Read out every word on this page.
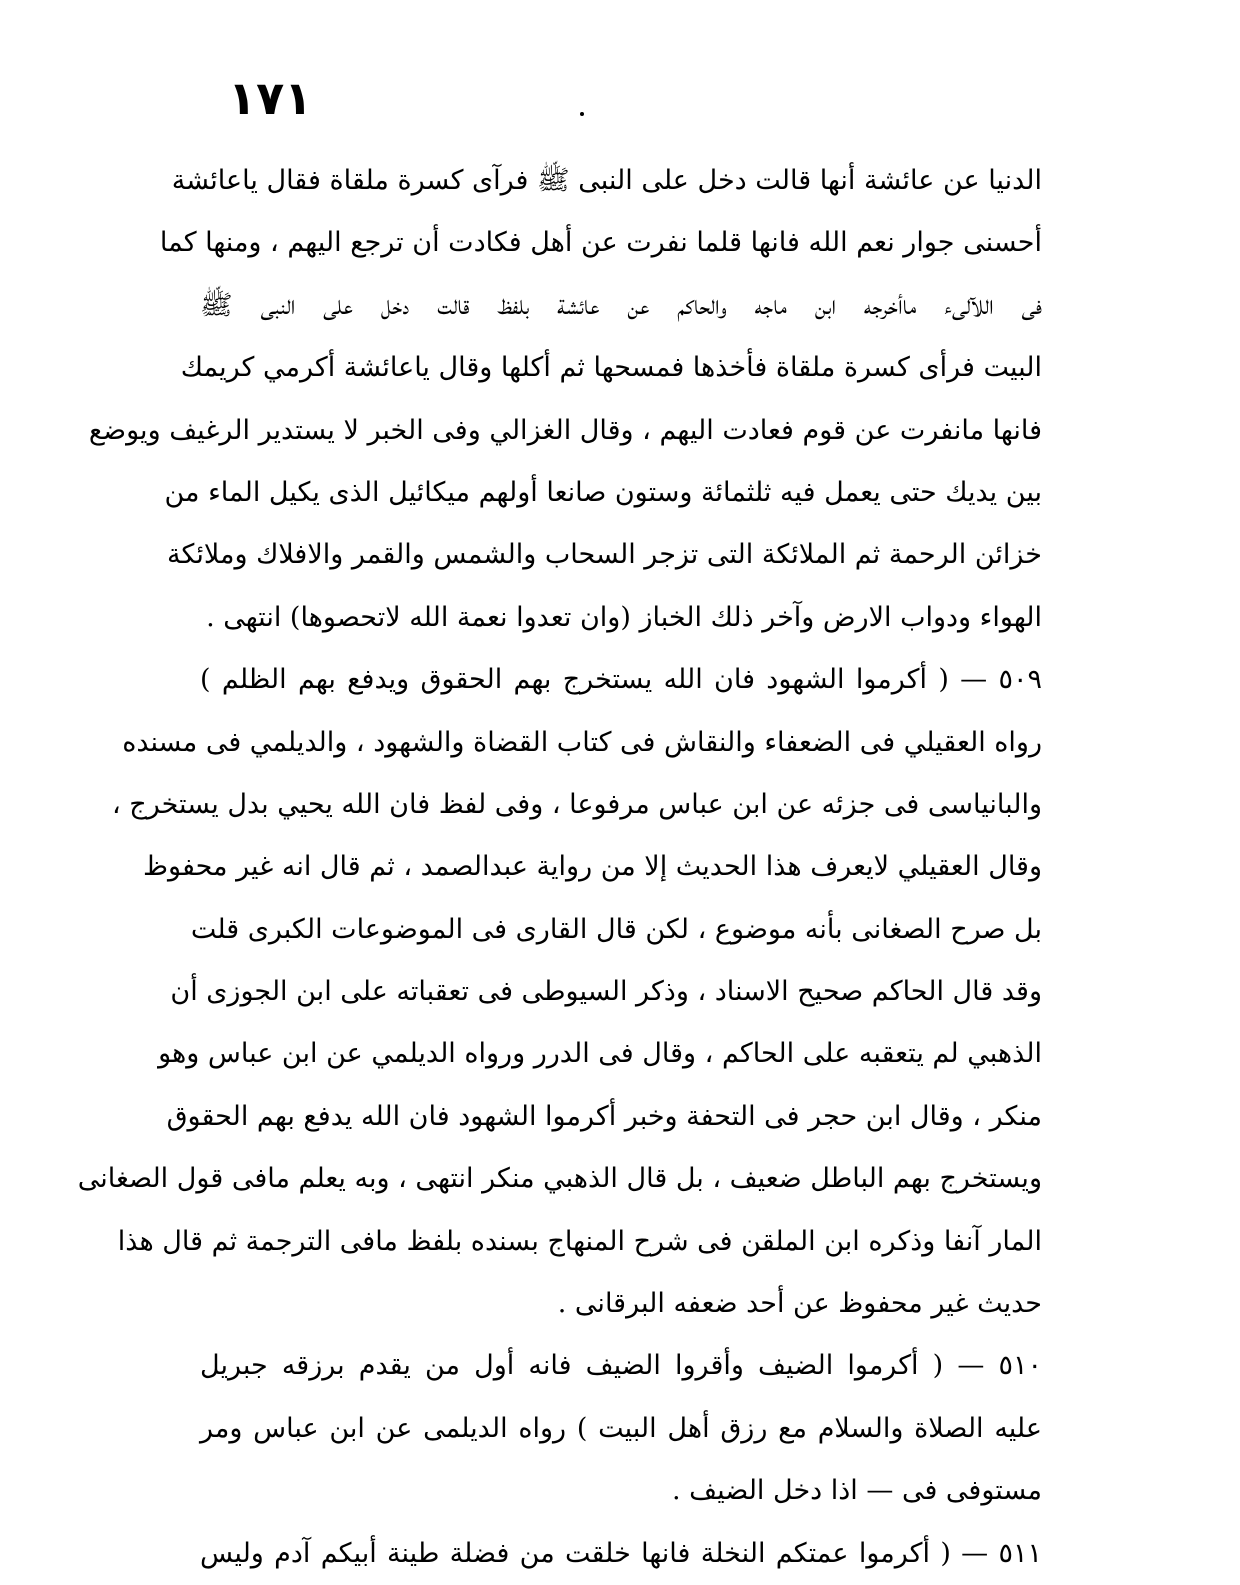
١٧١
الدنيا عن عائشة أنها قالت دخل على النبى ﷺ فرآى كسرة ملقاة فقال ياعائشة
أحسنى جوار نعم الله فانها قلما نفرت عن أهل فكادت أن ترجع اليهم ، ومنها كما
فى اللآلىء ماأخرجه ابن ماجه والحاكم عن عائشة بلفظ قالت دخل على النبى ﷺ
البيت فرأى كسرة ملقاة فأخذها فمسحها ثم أكلها وقال ياعائشة أكرمي كريمك
فانها مانفرت عن قوم فعادت اليهم ، وقال الغزالي وفى الخبر لا يستدير الرغيف ويوضع
بين يديك حتى يعمل فيه ثلثمائة وستون صانعا أولهم ميكائيل الذى يكيل الماء من
خزائن الرحمة ثم الملائكة التى تزجر السحاب والشمس والقمر والافلاك وملائكة
الهواء ودواب الارض وآخر ذلك الخباز (وان تعدوا نعمة الله لاتحصوها) انتهى .
٥٠٩ — ( أكرموا الشهود فان الله يستخرج بهم الحقوق ويدفع بهم الظلم )
رواه العقيلي فى الضعفاء والنقاش فى كتاب القضاة والشهود ، والديلمي فى مسنده
والبانياسى فى جزئه عن ابن عباس مرفوعا ، وفى لفظ فان الله يحيي بدل يستخرج ،
وقال العقيلي لايعرف هذا الحديث إلا من رواية عبدالصمد ، ثم قال انه غير محفوظ
بل صرح الصغانى بأنه موضوع ، لكن قال القارى فى الموضوعات الكبرى قلت
وقد قال الحاكم صحيح الاسناد ، وذكر السيوطى فى تعقباته على ابن الجوزى أن
الذهبي لم يتعقبه على الحاكم ، وقال فى الدرر ورواه الديلمي عن ابن عباس وهو
منكر ، وقال ابن حجر فى التحفة وخبر أكرموا الشهود فان الله يدفع بهم الحقوق
ويستخرج بهم الباطل ضعيف ، بل قال الذهبي منكر انتهى ، وبه يعلم مافى قول الصغانى
المار آنفا وذكره ابن الملقن فى شرح المنهاج بسنده بلفظ مافى الترجمة ثم قال هذا
حديث غير محفوظ عن أحد ضعفه البرقانى .
٥١٠ — ( أكرموا الضيف وأقروا الضيف فانه أول من يقدم برزقه جبريل
عليه الصلاة والسلام مع رزق أهل البيت ) رواه الديلمى عن ابن عباس ومر
مستوفى فى — اذا دخل الضيف .
٥١١ — ( أكرموا عمتكم النخلة فانها خلقت من فضلة طينة أبيكم آدم وليس
